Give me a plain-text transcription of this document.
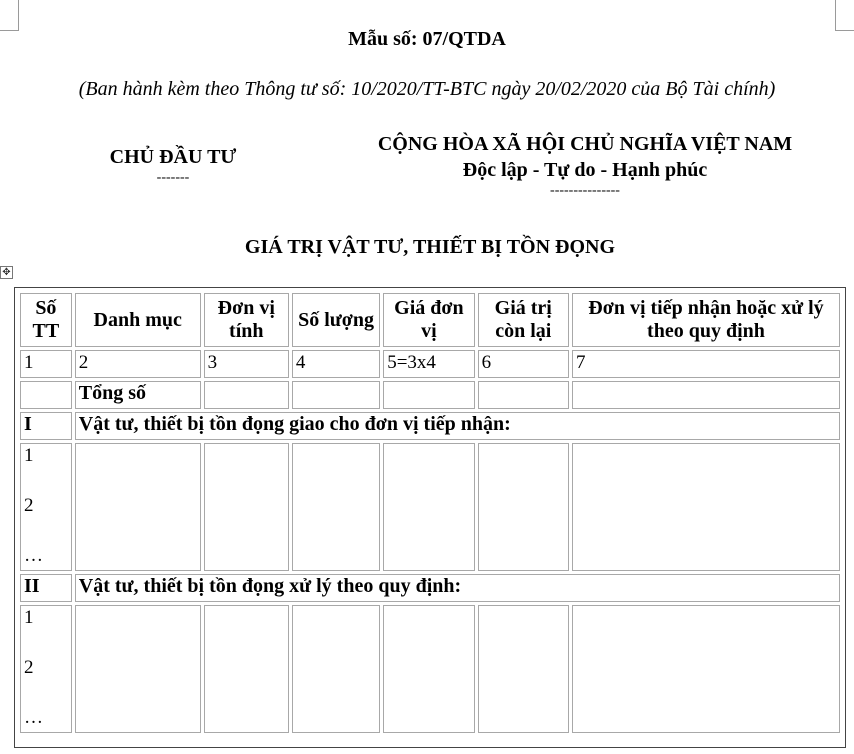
Mẫu số: 07/QTDA
(Ban hành kèm theo Thông tư số: 10/2020/TT-BTC ngày 20/02/2020 của Bộ Tài chính)
CHỦ ĐẦU TƯ
-------
CỘNG HÒA XÃ HỘI CHỦ NGHĨA VIỆT NAM
Độc lập - Tự do - Hạnh phúc
---------------
GIÁ TRỊ VẬT TƯ, THIẾT BỊ TỒN ĐỌNG
✥
Số TT	Danh mục	Đơn vị tính	Số lượng	Giá đơn vị	Giá trị còn lại	Đơn vị tiếp nhận hoặc xử lý theo quy định
1	2	3	4	5=3x4	6	7
	Tổng số					
I	Vật tư, thiết bị tồn đọng giao cho đơn vị tiếp nhận:					

1
2
…						

II	Vật tư, thiết bị tồn đọng xử lý theo quy định:					

1
2
…						
